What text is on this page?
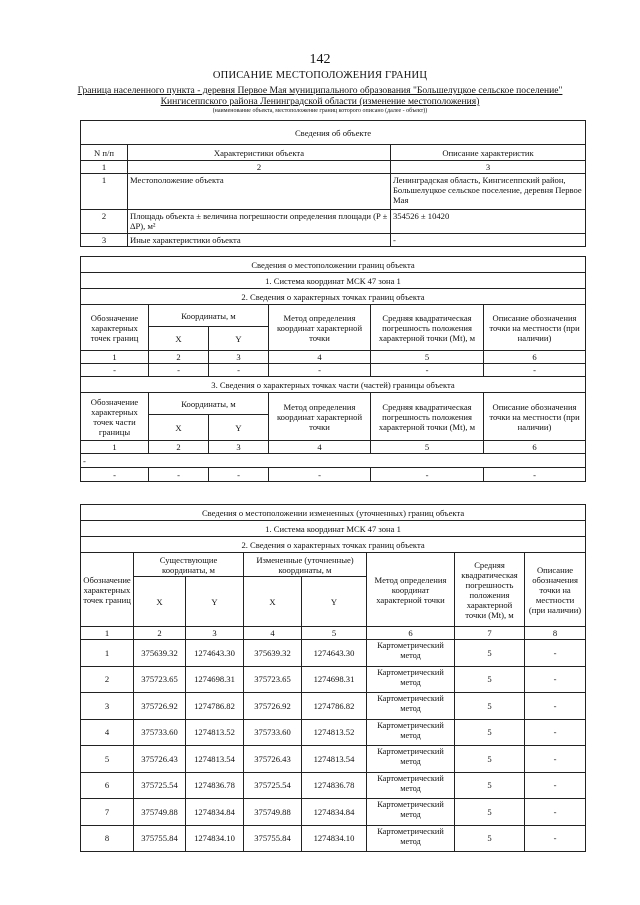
142
ОПИСАНИЕ МЕСТОПОЛОЖЕНИЯ ГРАНИЦ
Граница населенного пункта - деревня Первое Мая муниципального образования "Большелуцкое сельское поселение"
Кингисеппского района Ленинградской области (изменение местоположения)
(наименование объекта, местоположение границ которого описано (далее - объект))
Сведения об объекте		
N п/п	Характеристики объекта	Описание характеристик
1	2	3
1	Местоположение объекта	Ленинградская область, Кингисеппский район, Большелуцкое сельское поселение, деревня Первое Мая
2	Площадь объекта ± величина погрешности определения площади (P ± ΔP), м²	354526 ± 10420
3	Иные характеристики объекта	-
Сведения о местоположении границ объекта					
1. Система координат МСК 47 зона 1					
2. Сведения о характерных точках границ объекта					
Обозначение характерных точек границ	Координаты, м		Метод определения координат характерной точки	Средняя квадратическая погрешность положения характерной точки (Mt), м	Описание обозначения точки на местности (при наличии)
	X	Y			
1	2	3	4	5	6
-	-	-	-	-	-
3. Сведения о характерных точках части (частей) границы объекта					
Обозначение характерных точек части границы	Координаты, м		Метод определения координат характерной точки	Средняя квадратическая погрешность положения характерной точки (Mt), м	Описание обозначения точки на местности (при наличии)
	X	Y			
1	2	3	4	5	6
-					
-	-	-	-	-	-
Сведения о местоположении измененных (уточненных) границ объекта							
1. Система координат МСК 47 зона 1							
2. Сведения о характерных точках границ объекта							
Обозначение характерных точек границ	Существующие координаты, м		Измененные (уточненные) координаты, м		Метод определения координат характерной точки	Средняя квадратическая погрешность положения характерной точки (Mt), м	Описание обозначения точки на местности (при наличии)
	X	Y	X	Y			
1	2	3	4	5	6	7	8
1	375639.32	1274643.30	375639.32	1274643.30	Картометрический метод	5	-
2	375723.65	1274698.31	375723.65	1274698.31	Картометрический метод	5	-
3	375726.92	1274786.82	375726.92	1274786.82	Картометрический метод	5	-
4	375733.60	1274813.52	375733.60	1274813.52	Картометрический метод	5	-
5	375726.43	1274813.54	375726.43	1274813.54	Картометрический метод	5	-
6	375725.54	1274836.78	375725.54	1274836.78	Картометрический метод	5	-
7	375749.88	1274834.84	375749.88	1274834.84	Картометрический метод	5	-
8	375755.84	1274834.10	375755.84	1274834.10	Картометрический метод	5	-
